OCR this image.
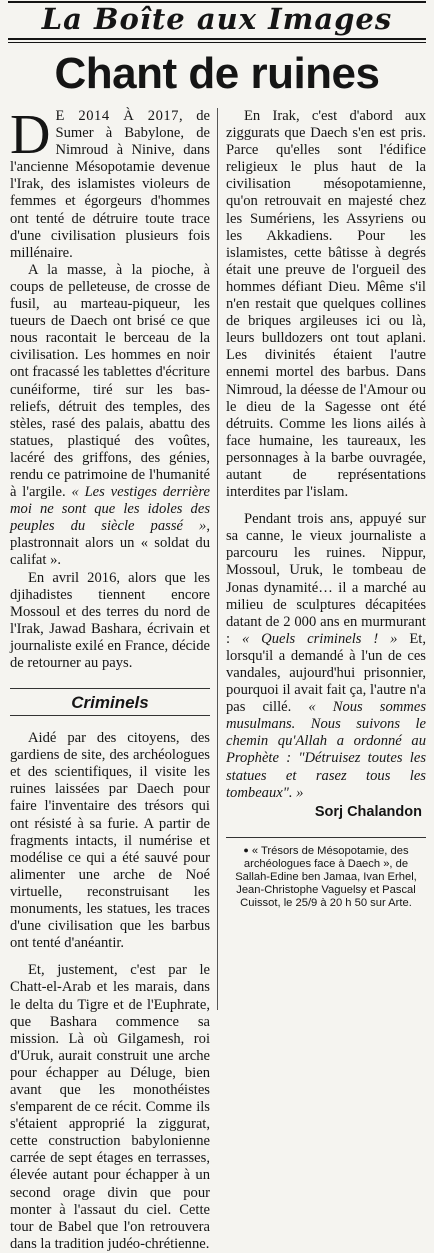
La Boîte aux Images
Chant de ruines

D E 2014 À 2017, de Sumer à Babylone, de Nimroud à Ninive, dans l'ancienne Mésopotamie devenue l'Irak, des islamistes violeurs de femmes et égorgeurs d'hommes ont tenté de détruire toute trace d'une civilisation plusieurs fois millénaire.

A la masse, à la pioche, à coups de pelleteuse, de crosse de fusil, au marteau-piqueur, les tueurs de Daech ont brisé ce que nous racontait le berceau de la civilisation. Les hommes en noir ont fracassé les tablettes d'écriture cunéiforme, tiré sur les bas-reliefs, détruit des temples, des stèles, rasé des palais, abattu des statues, plastiqué des voûtes, lacéré des griffons, des génies, rendu ce patrimoine de l'humanité à l'argile. « Les vestiges derrière moi ne sont que les idoles des peuples du siècle passé », plastronnait alors un « soldat du califat ».

En avril 2016, alors que les djihadistes tiennent encore Mossoul et des terres du nord de l'Irak, Jawad Bashara, écrivain et journaliste exilé en France, décide de retourner au pays.

Criminels

Aidé par des citoyens, des gardiens de site, des archéologues et des scientifiques, il visite les ruines laissées par Daech pour faire l'inventaire des trésors qui ont résisté à sa furie. A partir de fragments intacts, il numérise et modélise ce qui a été sauvé pour alimenter une arche de Noé virtuelle, reconstruisant les monuments, les statues, les traces d'une civilisation que les barbus ont tenté d'anéantir.

Et, justement, c'est par le Chatt-el-Arab et les marais, dans le delta du Tigre et de l'Euphrate, que Bashara commence sa mission. Là où Gilgamesh, roi d'Uruk, aurait construit une arche pour échapper au Déluge, bien avant que les monothéistes s'emparent de ce récit. Comme ils s'étaient approprié la ziggurat, cette construction babylonienne carrée de sept étages en terrasses, élevée autant pour échapper à un second orage divin que pour monter à l'assaut du ciel. Cette tour de Babel que l'on retrouvera dans la tradition judéo-chrétienne.

En Irak, c'est d'abord aux ziggurats que Daech s'en est pris. Parce qu'elles sont l'édifice religieux le plus haut de la civilisation mésopotamienne, qu'on retrouvait en majesté chez les Sumériens, les Assyriens ou les Akkadiens. Pour les islamistes, cette bâtisse à degrés était une preuve de l'orgueil des hommes défiant Dieu. Même s'il n'en restait que quelques collines de briques argileuses ici ou là, leurs bulldozers ont tout aplani. Les divinités étaient l'autre ennemi mortel des barbus. Dans Nimroud, la déesse de l'Amour ou le dieu de la Sagesse ont été détruits. Comme les lions ailés à face humaine, les taureaux, les personnages à la barbe ouvragée, autant de représentations interdites par l'islam.

Pendant trois ans, appuyé sur sa canne, le vieux journaliste a parcouru les ruines. Nippur, Mossoul, Uruk, le tombeau de Jonas dynamité… il a marché au milieu de sculptures décapitées datant de 2 000 ans en murmurant : « Quels criminels ! » Et, lorsqu'il a demandé à l'un de ces vandales, aujourd'hui prisonnier, pourquoi il avait fait ça, l'autre n'a pas cillé. « Nous sommes musulmans. Nous suivons le chemin qu'Allah a ordonné au Prophète : "Détruisez toutes les statues et rasez tous les tombeaux". »

Sorj Chalandon
● « Trésors de Mésopotamie, des archéologues face à Daech », de Sallah-Edine ben Jamaa, Ivan Erhel, Jean-Christophe Vaguelsy et Pascal Cuissot, le 25/9 à 20 h 50 sur Arte.
